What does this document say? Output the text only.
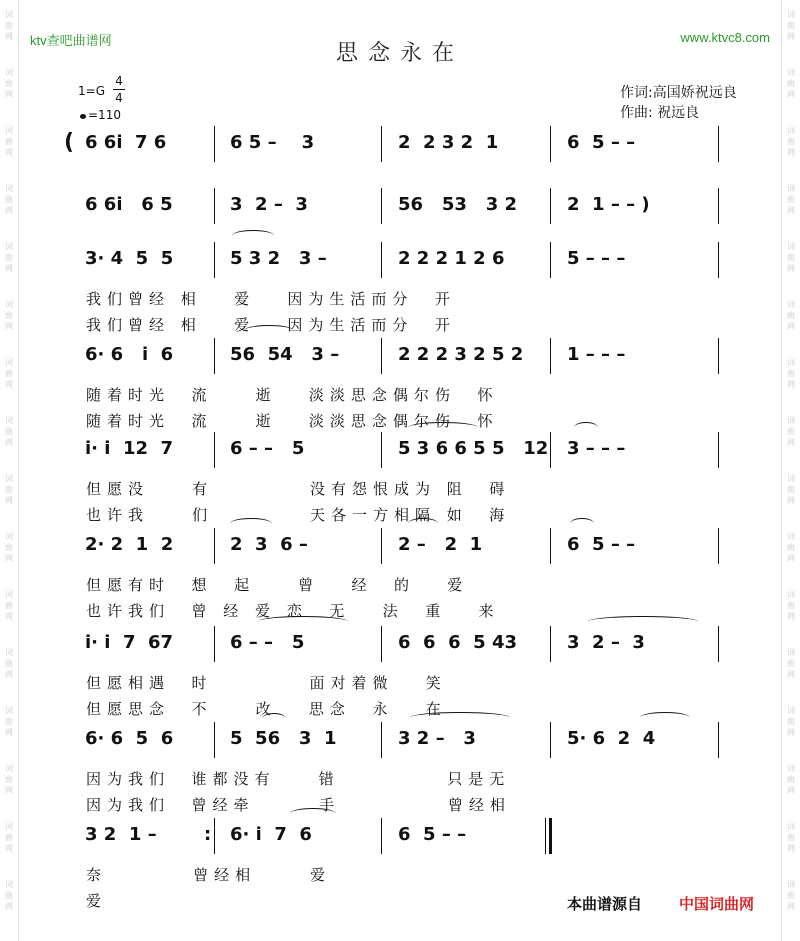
词
曲
网
词
曲
网
词
曲
网
词
曲
网
词
曲
网
词
曲
网
词
曲
网
词
曲
网
词
曲
网
词
曲
网
词
曲
网
词
曲
网
词
曲
网
词
曲
网
词
曲
网
词
曲
网
词
曲
网
词
曲
网
词
曲
网
词
曲
网
词
曲
网
词
曲
网
词
曲
网
词
曲
网
词
曲
网
词
曲
网
词
曲
网
词
曲
网
词
曲
网
词
曲
网
词
曲
网
词
曲
网
ktv查吧曲谱网	www.ktvc8.com
思念永在
1=G
4
4
=110
作词:高国娇祝远良
作曲: 祝远良
( 6 6i  7 6	6 5 –    3	2  2 3 2  1	6  5 – –
6 6i   6 5	3  2 –  3	56   53   3 2	2  1 – – )
3· 4  5  5	5 3 2   3 –	2 2 2 1 2 6	5 – – –
我们曾经 相   爱   因为生活而分  开
我们曾经 相   爱   因为生活而分  开
6· 6   i  6	56  54   3 –	2 2 2 3 2 5 2 1 – – –
随着时光  流    逝   淡淡思念偶尔伤  怀
随着时光  流    逝   淡淡思念偶尔伤  怀
i· i  12  7	6 – –   5	5 3 6 6 5 5   12 3 – – –
但愿没    有         没有怨恨成为 阻  碍
也许我    们         天各一方相隔 如  海
2· 2  1  2	2  3  6 –	2 –   2  1	6  5 – –
但愿有时  想  起    曾   经  的   爱
也许我们  曾 经 爱 恋  无   法  重   来
i· i  7  67	6 – –   5	6  6  6  5 43	3  2 –  3
但愿相遇  时         面对着微   笑
但愿思念  不    改   思念  永   在
6· 6  5  6	5  56   3  1	3 2 –   3	5· 6  2  4
因为我们  谁都没有    错          只是无
因为我们  曾经牵      手          曾经相
3 2  1 –	6· i  7  6	6  5 – –
奈        曾经相     爱
爱
:
本曲谱源自 中国词曲网
